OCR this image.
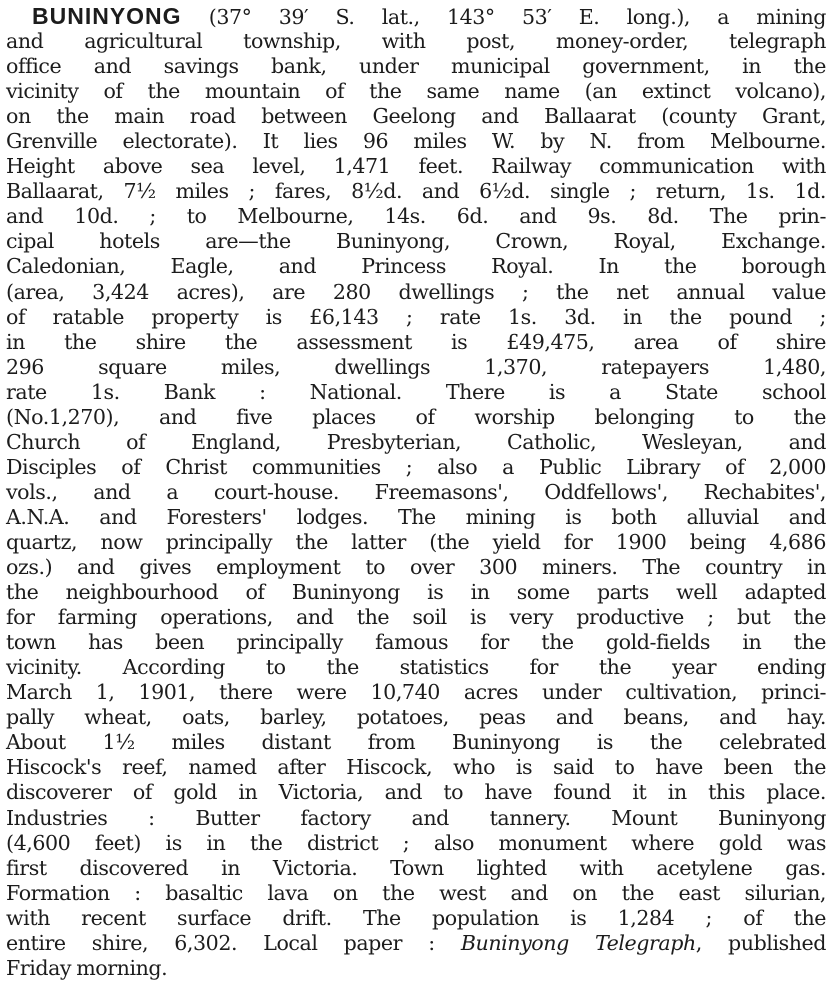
BUNINYONG (37° 39′ S. lat., 143° 53′ E. long.), a mining
and agricultural township, with post, money-order, telegraph
office and savings bank, under municipal government, in the
vicinity of the mountain of the same name (an extinct volcano),
on the main road between Geelong and Ballaarat (county Grant,
Grenville electorate). It lies 96 miles W. by N. from Melbourne.
Height above sea level, 1,471 feet. Railway communication with
Ballaarat, 7½ miles ; fares, 8½d. and 6½d. single ; return, 1s. 1d.
and 10d. ; to Melbourne, 14s. 6d. and 9s. 8d. The prin-
cipal hotels are—the Buninyong, Crown, Royal, Exchange.
Caledonian, Eagle, and Princess Royal. In the borough
(area, 3,424 acres), are 280 dwellings ; the net annual value
of ratable property is £6,143 ; rate 1s. 3d. in the pound ;
in the shire the assessment is £49,475, area of shire
296 square miles, dwellings 1,370, ratepayers 1,480,
rate 1s. Bank : National. There is a State school
(No.1,270), and five places of worship belonging to the
Church of England, Presbyterian, Catholic, Wesleyan, and
Disciples of Christ communities ; also a Public Library of 2,000
vols., and a court-house. Freemasons', Oddfellows', Rechabites',
A.N.A. and Foresters' lodges. The mining is both alluvial and
quartz, now principally the latter (the yield for 1900 being 4,686
ozs.) and gives employment to over 300 miners. The country in
the neighbourhood of Buninyong is in some parts well adapted
for farming operations, and the soil is very productive ; but the
town has been principally famous for the gold-fields in the
vicinity. According to the statistics for the year ending
March 1, 1901, there were 10,740 acres under cultivation, princi-
pally wheat, oats, barley, potatoes, peas and beans, and hay.
About 1½ miles distant from Buninyong is the celebrated
Hiscock's reef, named after Hiscock, who is said to have been the
discoverer of gold in Victoria, and to have found it in this place.
Industries : Butter factory and tannery. Mount Buninyong
(4,600 feet) is in the district ; also monument where gold was
first discovered in Victoria. Town lighted with acetylene gas.
Formation : basaltic lava on the west and on the east silurian,
with recent surface drift. The population is 1,284 ; of the
entire shire, 6,302. Local paper : Buninyong Telegraph, published
Friday morning.
